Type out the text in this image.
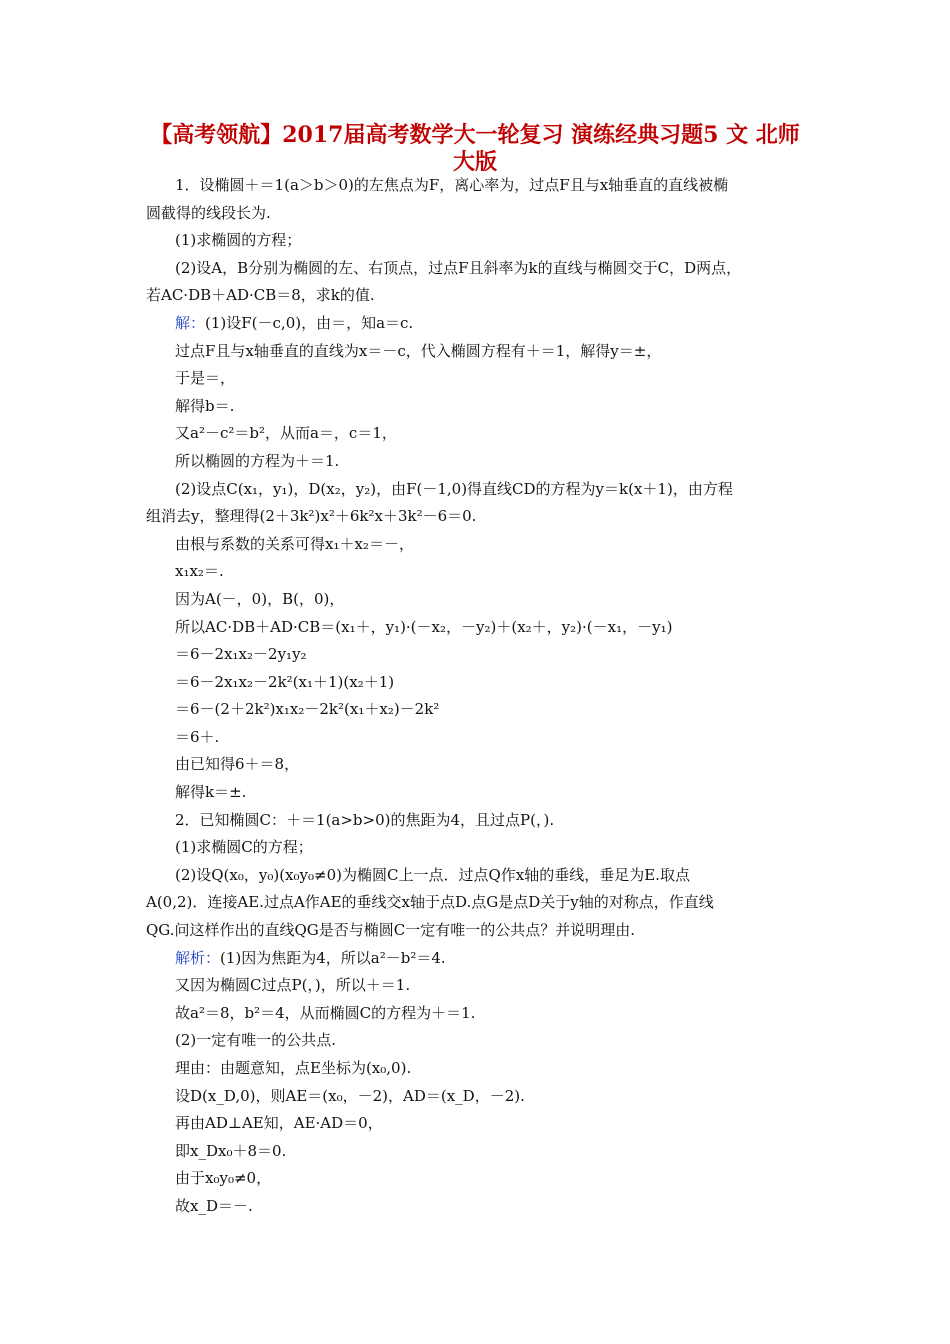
【高考领航】2017届高考数学大一轮复习 演练经典习题5 文 北师
大版
1．设椭圆＋＝1(a＞b＞0)的左焦点为F，离心率为，过点F且与x轴垂直的直线被椭
圆截得的线段长为.
(1)求椭圆的方程；
(2)设A，B分别为椭圆的左、右顶点，过点F且斜率为k的直线与椭圆交于C，D两点，
若AC·DB＋AD·CB＝8，求k的值.
解：(1)设F(－c,0)，由＝，知a＝c.
过点F且与x轴垂直的直线为x＝－c，代入椭圆方程有＋＝1，解得y＝±，
于是＝，
解得b＝.
又a²－c²＝b²，从而a＝，c＝1，
所以椭圆的方程为＋＝1.
(2)设点C(x₁，y₁)，D(x₂，y₂)，由F(－1,0)得直线CD的方程为y＝k(x＋1)，由方程
组消去y，整理得(2＋3k²)x²＋6k²x＋3k²－6＝0.
由根与系数的关系可得x₁＋x₂＝－，
x₁x₂＝.
因为A(－，0)，B(，0)，
所以AC·DB＋AD·CB＝(x₁＋，y₁)·(－x₂，－y₂)＋(x₂＋，y₂)·(－x₁，－y₁)
＝6－2x₁x₂－2y₁y₂
＝6－2x₁x₂－2k²(x₁＋1)(x₂＋1)
＝6－(2＋2k²)x₁x₂－2k²(x₁＋x₂)－2k²
＝6＋.
由已知得6＋＝8，
解得k＝±.
2．已知椭圆C：＋＝1(a>b>0)的焦距为4，且过点P(，).
(1)求椭圆C的方程；
(2)设Q(x₀，y₀)(x₀y₀≠0)为椭圆C上一点．过点Q作x轴的垂线，垂足为E.取点
A(0,2)．连接AE.过点A作AE的垂线交x轴于点D.点G是点D关于y轴的对称点，作直线
QG.问这样作出的直线QG是否与椭圆C一定有唯一的公共点？并说明理由.
解析：(1)因为焦距为4，所以a²－b²＝4.
又因为椭圆C过点P(，)，所以＋＝1.
故a²＝8，b²＝4，从而椭圆C的方程为＋＝1.
(2)一定有唯一的公共点.
理由：由题意知，点E坐标为(x₀,0).
设D(x_D,0)，则AE＝(x₀，－2)，AD＝(x_D，－2).
再由AD⊥AE知，AE·AD＝0，
即x_Dx₀＋8＝0.
由于x₀y₀≠0，
故x_D＝－.
